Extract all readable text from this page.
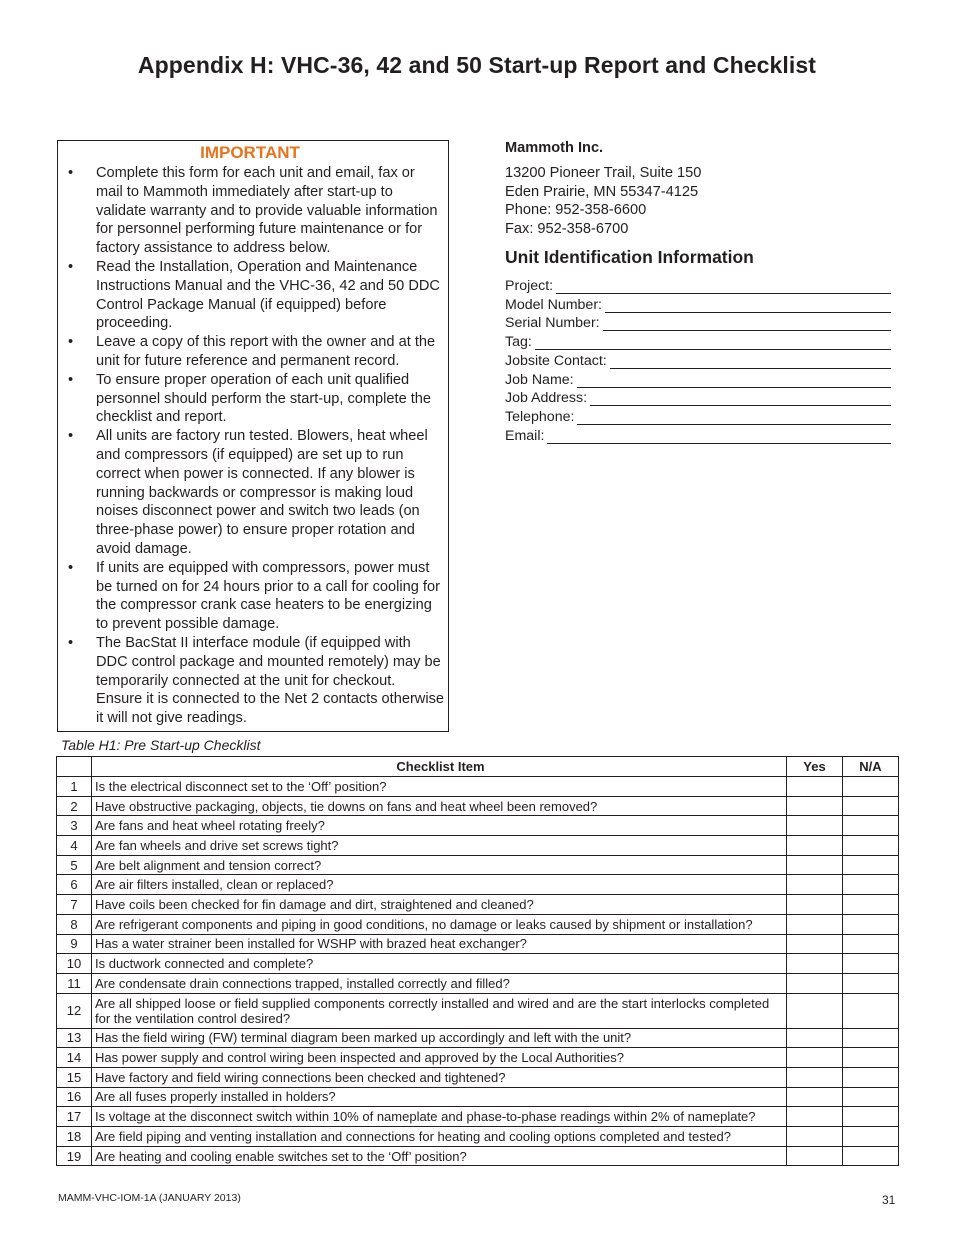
Appendix H: VHC-36, 42 and 50 Start-up Report and Checklist
IMPORTANT
• Complete this form for each unit and email, fax or mail to Mammoth immediately after start-up to validate warranty and to provide valuable information for personnel performing future maintenance or for factory assistance to address below.
• Read the Installation, Operation and Maintenance Instructions Manual and the VHC-36, 42 and 50 DDC Control Package Manual (if equipped) before proceeding.
• Leave a copy of this report with the owner and at the unit for future reference and permanent record.
• To ensure proper operation of each unit qualified personnel should perform the start-up, complete the checklist and report.
• All units are factory run tested. Blowers, heat wheel and compressors (if equipped) are set up to run correct when power is connected. If any blower is running backwards or compressor is making loud noises disconnect power and switch two leads (on three-phase power) to ensure proper rotation and avoid damage.
• If units are equipped with compressors, power must be turned on for 24 hours prior to a call for cooling for the compressor crank case heaters to be energizing to prevent possible damage.
• The BacStat II interface module (if equipped with DDC control package and mounted remotely) may be temporarily connected at the unit for checkout. Ensure it is connected to the Net 2 contacts otherwise it will not give readings.
Mammoth Inc.
13200 Pioneer Trail, Suite 150
Eden Prairie, MN 55347-4125
Phone: 952-358-6600
Fax: 952-358-6700
Unit Identification Information
Project:
Model Number:
Serial Number:
Tag:
Jobsite Contact:
Job Name:
Job Address:
Telephone:
Email:
Table H1: Pre Start-up Checklist
	Checklist Item	Yes	N/A
1	Is the electrical disconnect set to the ‘Off’ position?		
2	Have obstructive packaging, objects, tie downs on fans and heat wheel been removed?		
3	Are fans and heat wheel rotating freely?		
4	Are fan wheels and drive set screws tight?		
5	Are belt alignment and tension correct?		
6	Are air filters installed, clean or replaced?		
7	Have coils been checked for fin damage and dirt, straightened and cleaned?		
8	Are refrigerant components and piping in good conditions, no damage or leaks caused by shipment or installation?		
9	Has a water strainer been installed for WSHP with brazed heat exchanger?		
10	Is ductwork connected and complete?		
11	Are condensate drain connections trapped, installed correctly and filled?		
12	Are all shipped loose or field supplied components correctly installed and wired and are the start interlocks completed for the ventilation control desired?		
13	Has the field wiring (FW) terminal diagram been marked up accordingly and left with the unit?		
14	Has power supply and control wiring been inspected and approved by the Local Authorities?		
15	Have factory and field wiring connections been checked and tightened?		
16	Are all fuses properly installed in holders?		
17	Is voltage at the disconnect switch within 10% of nameplate and phase-to-phase readings within 2% of nameplate?		
18	Are field piping and venting installation and connections for heating and cooling options completed and tested?		
19	Are heating and cooling enable switches set to the ‘Off’ position?		
MAMM-VHC-IOM-1A (JANUARY 2013)	31
